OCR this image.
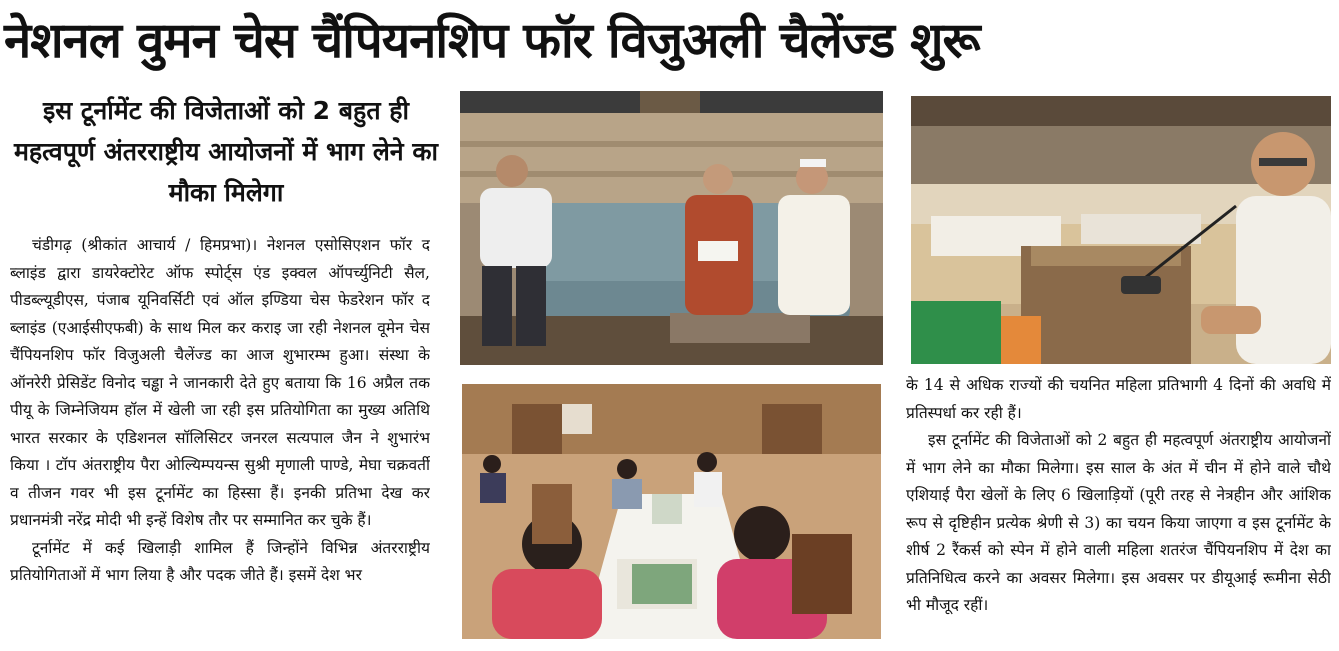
नेशनल वुमन चेस चैंपियनशिप फॉर विजुअली चैलेंज्ड शुरू
इस टूर्नामेंट की विजेताओं को 2 बहुत ही महत्वपूर्ण अंतरराष्ट्रीय आयोजनों में भाग लेने का मौका मिलेगा

चंडीगढ़ (श्रीकांत आचार्य / हिमप्रभा)। नेशनल एसोसिएशन फॉर द ब्लाइंड द्वारा डायरेक्टोरेट ऑफ स्पोर्ट्स एंड इक्वल ऑपर्च्युनिटी सैल, पीडब्ल्यूडीएस, पंजाब यूनिवर्सिटी एवं ऑल इण्डिया चेस फेडरेशन फॉर द ब्लाइंड (एआईसीएफबी) के साथ मिल कर कराइ जा रही नेशनल वूमेन चेस चैंपियनशिप फॉर विजुअली चैलेंज्ड का आज शुभारम्भ हुआ। संस्था के ऑनरेरी प्रेसिडेंट विनोद चड्ढा ने जानकारी देते हुए बताया कि 16 अप्रैल तक पीयू के जिम्नेजियम हॉल में खेली जा रही इस प्रतियोगिता का मुख्य अतिथि भारत सरकार के एडिशनल सॉलिसिटर जनरल सत्यपाल जैन ने शुभारंभ किया । टॉप अंतराष्ट्रीय पैरा ओल्यिम्पयन्स सुश्री मृणाली पाण्डे, मेघा चक्रवर्ती व तीजन गवर भी इस टूर्नामेंट का हिस्सा हैं। इनकी प्रतिभा देख कर प्रधानमंत्री नरेंद्र मोदी भी इन्हें विशेष तौर पर सम्मानित कर चुके हैं।

टूर्नामेंट में कई खिलाड़ी शामिल हैं जिन्होंने विभिन्न अंतरराष्ट्रीय प्रतियोगिताओं में भाग लिया है और पदक जीते हैं। इसमें देश भर

के 14 से अधिक राज्यों की चयनित महिला प्रतिभागी 4 दिनों की अवधि में प्रतिस्पर्धा कर रही हैं।

इस टूर्नामेंट की विजेताओं को 2 बहुत ही महत्वपूर्ण अंतराष्ट्रीय आयोजनों में भाग लेने का मौका मिलेगा। इस साल के अंत में चीन में होने वाले चौथे एशियाई पैरा खेलों के लिए 6 खिलाड़ियों (पूरी तरह से नेत्रहीन और आंशिक रूप से दृष्टिहीन प्रत्येक श्रेणी से 3) का चयन किया जाएगा व इस टूर्नामेंट के शीर्ष 2 रैंकर्स को स्पेन में होने वाली महिला शतरंज चैंपियनशिप में देश का प्रतिनिधित्व करने का अवसर मिलेगा। इस अवसर पर डीयूआई रूमीना सेठी भी मौजूद रहीं।
